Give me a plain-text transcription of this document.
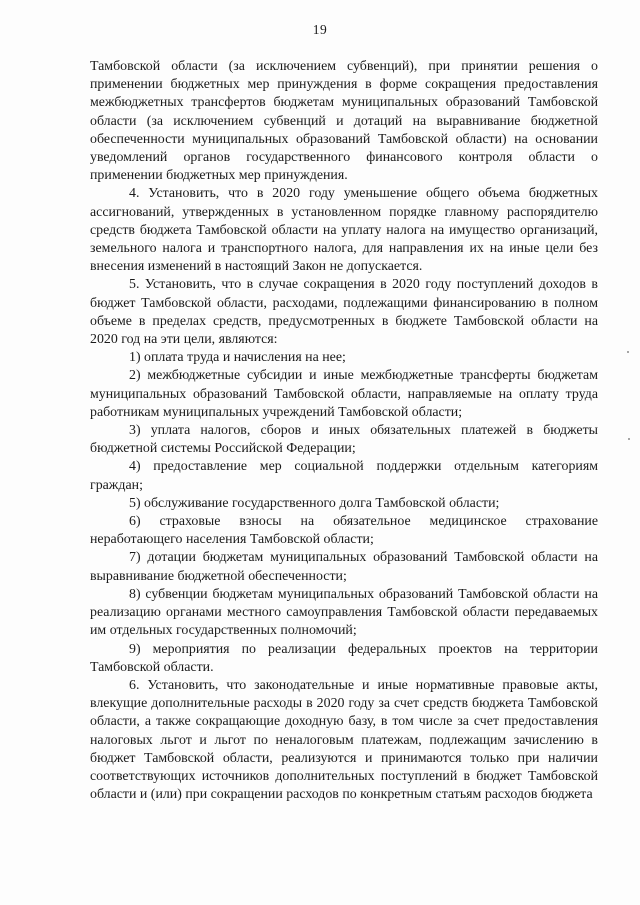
19

Тамбовской области (за исключением субвенций), при принятии решения о применении бюджетных мер принуждения в форме сокращения предоставления межбюджетных трансфертов бюджетам муниципальных образований Тамбовской области (за исключением субвенций и дотаций на выравнивание бюджетной обеспеченности муниципальных образований Тамбовской области) на основании уведомлений органов государственного финансового контроля области о применении бюджетных мер принуждения.

4. Установить, что в 2020 году уменьшение общего объема бюджетных ассигнований, утвержденных в установленном порядке главному распорядителю средств бюджета Тамбовской области на уплату налога на имущество организаций, земельного налога и транспортного налога, для направления их на иные цели без внесения изменений в настоящий Закон не допускается.

5. Установить, что в случае сокращения в 2020 году поступлений доходов в бюджет Тамбовской области, расходами, подлежащими финансированию в полном объеме в пределах средств, предусмотренных в бюджете Тамбовской области на 2020 год на эти цели, являются:

1) оплата труда и начисления на нее;

2) межбюджетные субсидии и иные межбюджетные трансферты бюджетам муниципальных образований Тамбовской области, направляемые на оплату труда работникам муниципальных учреждений Тамбовской области;

3) уплата налогов, сборов и иных обязательных платежей в бюджеты бюджетной системы Российской Федерации;

4) предоставление мер социальной поддержки отдельным категориям граждан;

5) обслуживание государственного долга Тамбовской области;

6) страховые взносы на обязательное медицинское страхование неработающего населения Тамбовской области;

7) дотации бюджетам муниципальных образований Тамбовской области на выравнивание бюджетной обеспеченности;

8) субвенции бюджетам муниципальных образований Тамбовской области на реализацию органами местного самоуправления Тамбовской области передаваемых им отдельных государственных полномочий;

9) мероприятия по реализации федеральных проектов на территории Тамбовской области.

6. Установить, что законодательные и иные нормативные правовые акты, влекущие дополнительные расходы в 2020 году за счет средств бюджета Тамбовской области, а также сокращающие доходную базу, в том числе за счет предоставления налоговых льгот и льгот по неналоговым платежам, подлежащим зачислению в бюджет Тамбовской области, реализуются и принимаются только при наличии соответствующих источников дополнительных поступлений в бюджет Тамбовской области и (или) при сокращении расходов по конкретным статьям расходов бюджета
